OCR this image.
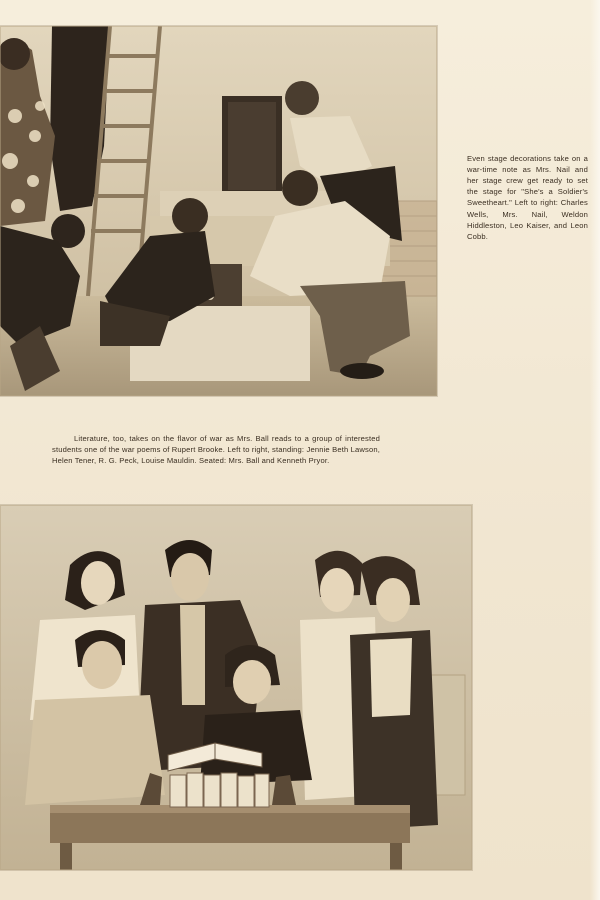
Even stage decorations take on a war-time note as Mrs. Nail and her stage crew get ready to set the stage for "She's a Soldier's Sweetheart." Left to right: Charles Wells, Mrs. Nail, Weldon Hiddleston, Leo Kaiser, and Leon Cobb.

Literature, too, takes on the flavor of war as Mrs. Ball reads to a group of interested students one of the war poems of Rupert Brooke. Left to right, standing: Jennie Beth Lawson, Helen Tener, R. G. Peck, Louise Mauldin. Seated: Mrs. Ball and Kenneth Pryor.
